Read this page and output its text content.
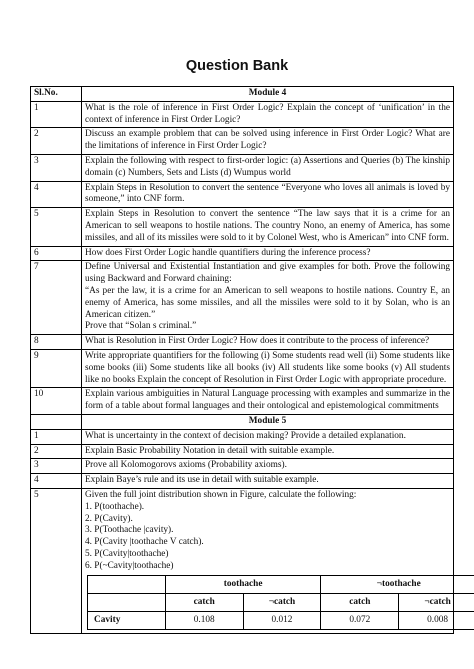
Question Bank
Sl.No.	Module 4
1	What is the role of inference in First Order Logic? Explain the concept of ‘unification’ in the context of inference in First Order Logic?
2	Discuss an example problem that can be solved using inference in First Order Logic? What are the limitations of inference in First Order Logic?
3	Explain the following with respect to first-order logic: (a) Assertions and Queries (b) The kinship domain (c) Numbers, Sets and Lists (d) Wumpus world
4	Explain Steps in Resolution to convert the sentence “Everyone who loves all animals is loved by someone,” into CNF form.
5	Explain Steps in Resolution to convert the sentence “The law says that it is a crime for an American to sell weapons to hostile nations. The country Nono, an enemy of America, has some missiles, and all of its missiles were sold to it by Colonel West, who is American” into CNF form.
6	How does First Order Logic handle quantifiers during the inference process?
7	Define Universal and Existential Instantiation and give examples for both. Prove the following using Backward and Forward chaining:
“As per the law, it is a crime for an American to sell weapons to hostile nations. Country E, an enemy of America, has some missiles, and all the missiles were sold to it by Solan, who is an American citizen.”
Prove that “Solan s criminal.”

8	What is Resolution in First Order Logic? How does it contribute to the process of inference?
9	Write appropriate quantifiers for the following (i) Some students read well (ii) Some students like some books (iii) Some students like all books (iv) All students like some books (v) All students like no books Explain the concept of Resolution in First Order Logic with appropriate procedure.
10	Explain various ambiguities in Natural Language processing with examples and summarize in the form of a table about formal languages and their ontological and epistemological commitments
	Module 5
1	What is uncertainty in the context of decision making? Provide a detailed explanation.
2	Explain Basic Probability Notation in detail with suitable example.
3	Prove all Kolomogorovs axioms (Probability axioms).
4	Explain Baye’s rule and its use in detail with suitable example.
5	Given the full joint distribution shown in Figure, calculate the following:
1. P(toothache).
2. P(Cavity).
3. P(Toothache |cavity).
4. P(Cavity |toothache V catch).
5. P(Cavity|toothache)
6. P(~Cavity|toothache)
	toothache	¬toothache
	catch	¬catch	catch	¬catch
Cavity	0.108	0.012	0.072	0.008
